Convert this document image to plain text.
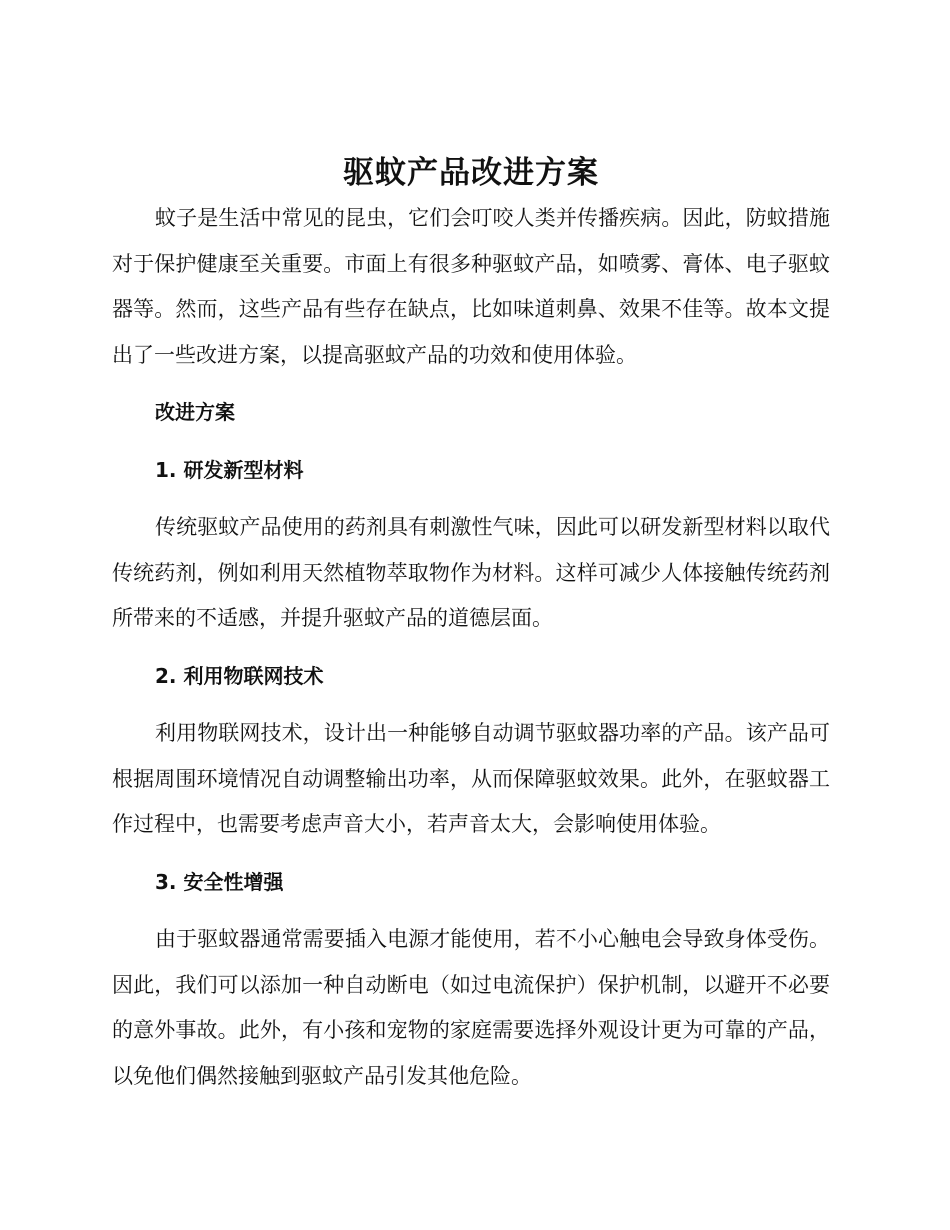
驱蚊产品改进方案

蚊子是生活中常见的昆虫，它们会叮咬人类并传播疾病。因此，防蚊措施对于保护健康至关重要。市面上有很多种驱蚊产品，如喷雾、膏体、电子驱蚊器等。然而，这些产品有些存在缺点，比如味道刺鼻、效果不佳等。故本文提出了一些改进方案，以提高驱蚊产品的功效和使用体验。

改进方案
1. 研发新型材料

传统驱蚊产品使用的药剂具有刺激性气味，因此可以研发新型材料以取代传统药剂，例如利用天然植物萃取物作为材料。这样可减少人体接触传统药剂所带来的不适感，并提升驱蚊产品的道德层面。

2. 利用物联网技术

利用物联网技术，设计出一种能够自动调节驱蚊器功率的产品。该产品可根据周围环境情况自动调整输出功率，从而保障驱蚊效果。此外，在驱蚊器工作过程中，也需要考虑声音大小，若声音太大，会影响使用体验。

3. 安全性增强

由于驱蚊器通常需要插入电源才能使用，若不小心触电会导致身体受伤。因此，我们可以添加一种自动断电（如过电流保护）保护机制，以避开不必要的意外事故。此外，有小孩和宠物的家庭需要选择外观设计更为可靠的产品，以免他们偶然接触到驱蚊产品引发其他危险。
